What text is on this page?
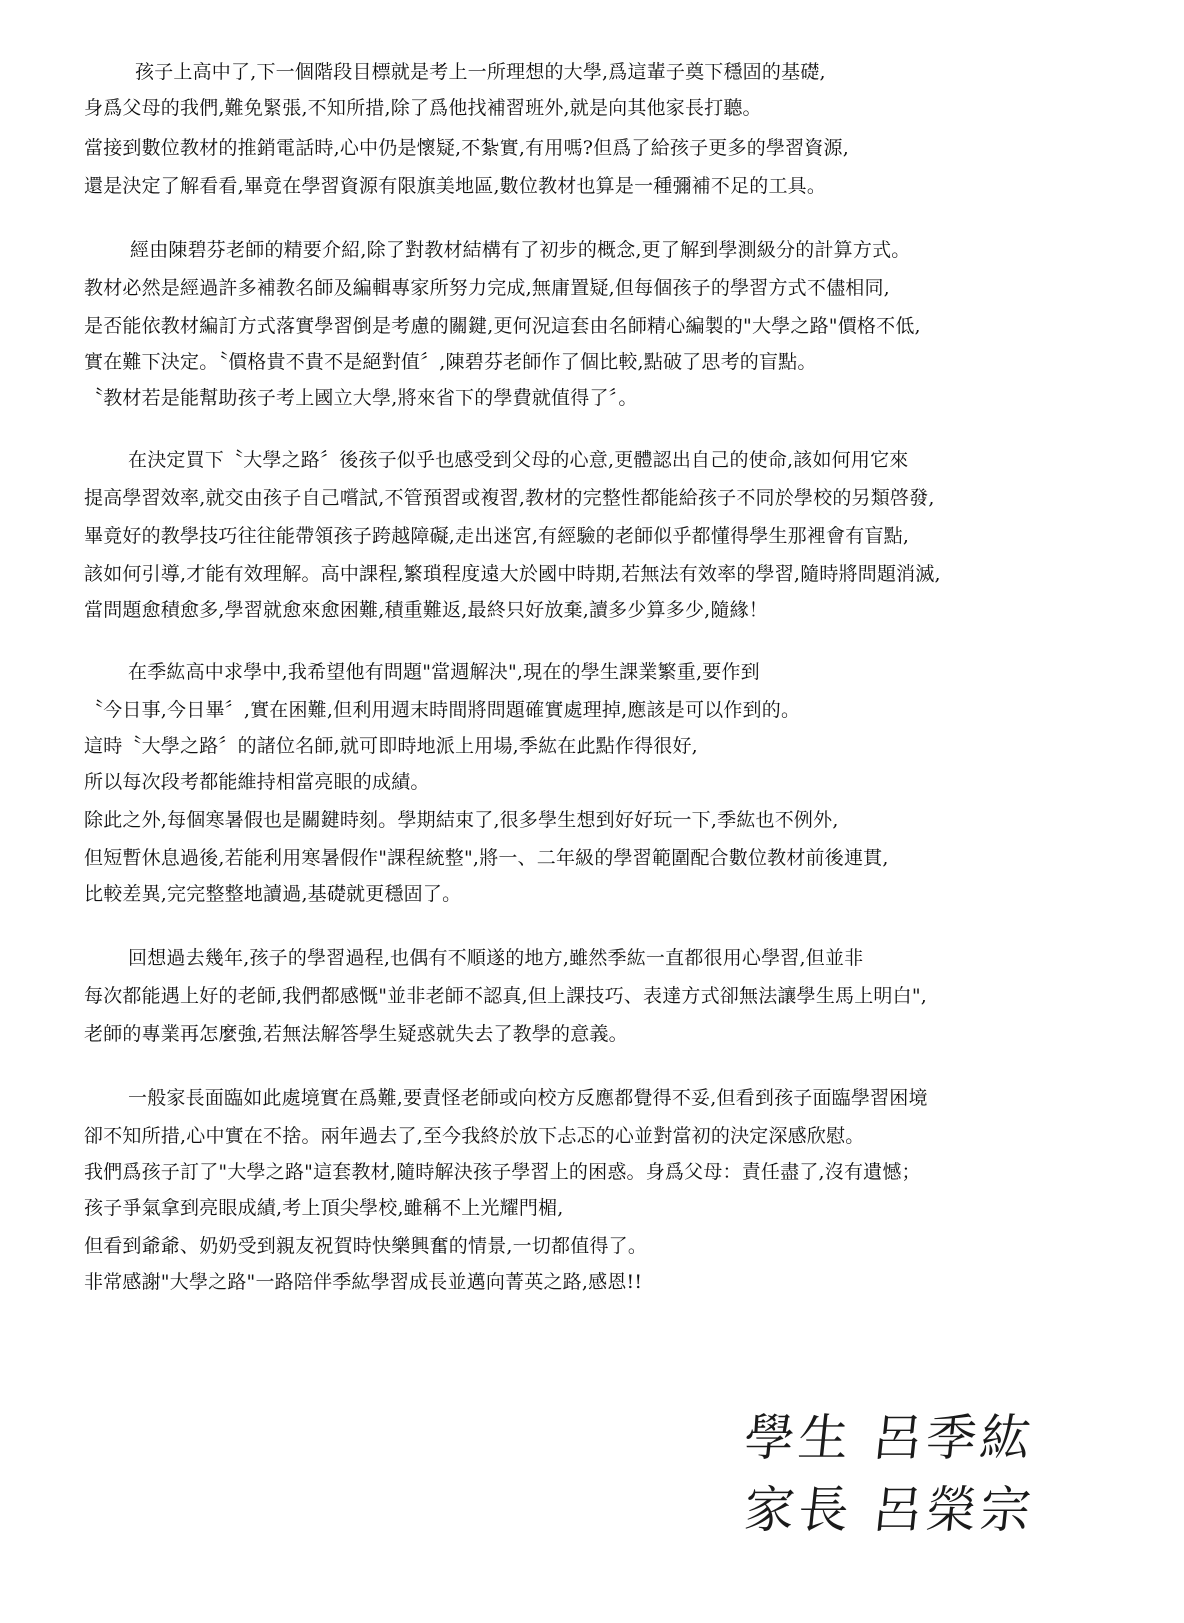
孩子上高中了,下一個階段目標就是考上一所理想的大學,爲這輩子奠下穩固的基礎,
身爲父母的我們,難免緊張,不知所措,除了爲他找補習班外,就是向其他家長打聽。
當接到數位教材的推銷電話時,心中仍是懷疑,不紮實,有用嗎?但爲了給孩子更多的學習資源,
還是決定了解看看,畢竟在學習資源有限旗美地區,數位教材也算是一種彌補不足的工具。
經由陳碧芬老師的精要介紹,除了對教材結構有了初步的概念,更了解到學測級分的計算方式。
教材必然是經過許多補教名師及編輯專家所努力完成,無庸置疑,但每個孩子的學習方式不儘相同,
是否能依教材編訂方式落實學習倒是考慮的關鍵,更何況這套由名師精心編製的"大學之路"價格不低,
實在難下決定。〝價格貴不貴不是絕對值〞,陳碧芬老師作了個比較,點破了思考的盲點。
〝教材若是能幫助孩子考上國立大學,將來省下的學費就值得了〞。
在決定買下〝大學之路〞後孩子似乎也感受到父母的心意,更體認出自己的使命,該如何用它來
提高學習效率,就交由孩子自己嚐試,不管預習或複習,教材的完整性都能給孩子不同於學校的另類啓發,
畢竟好的教學技巧往往能帶領孩子跨越障礙,走出迷宮,有經驗的老師似乎都懂得學生那裡會有盲點,
該如何引導,才能有效理解。高中課程,繁瑣程度遠大於國中時期,若無法有效率的學習,隨時將問題消滅,
當問題愈積愈多,學習就愈來愈困難,積重難返,最終只好放棄,讀多少算多少,隨緣！
在季紘高中求學中,我希望他有問題"當週解決",現在的學生課業繁重,要作到
〝今日事,今日畢〞,實在困難,但利用週末時間將問題確實處理掉,應該是可以作到的。
這時〝大學之路〞的諸位名師,就可即時地派上用場,季紘在此點作得很好,
所以每次段考都能維持相當亮眼的成績。
除此之外,每個寒暑假也是關鍵時刻。學期結束了,很多學生想到好好玩一下,季紘也不例外,
但短暫休息過後,若能利用寒暑假作"課程統整",將一、二年級的學習範圍配合數位教材前後連貫,
比較差異,完完整整地讀過,基礎就更穩固了。
回想過去幾年,孩子的學習過程,也偶有不順遂的地方,雖然季紘一直都很用心學習,但並非
每次都能遇上好的老師,我們都感慨"並非老師不認真,但上課技巧、表達方式卻無法讓學生馬上明白",
老師的專業再怎麼強,若無法解答學生疑惑就失去了教學的意義。
一般家長面臨如此處境實在爲難,要責怪老師或向校方反應都覺得不妥,但看到孩子面臨學習困境
卻不知所措,心中實在不捨。兩年過去了,至今我終於放下忐忑的心並對當初的決定深感欣慰。
我們爲孩子訂了"大學之路"這套教材,隨時解決孩子學習上的困惑。身爲父母：責任盡了,沒有遺憾；
孩子爭氣拿到亮眼成績,考上頂尖學校,雖稱不上光耀門楣,
但看到爺爺、奶奶受到親友祝賀時快樂興奮的情景,一切都值得了。
非常感謝"大學之路"一路陪伴季紘學習成長並邁向菁英之路,感恩!!
學生 呂季紘
家長 呂榮宗
